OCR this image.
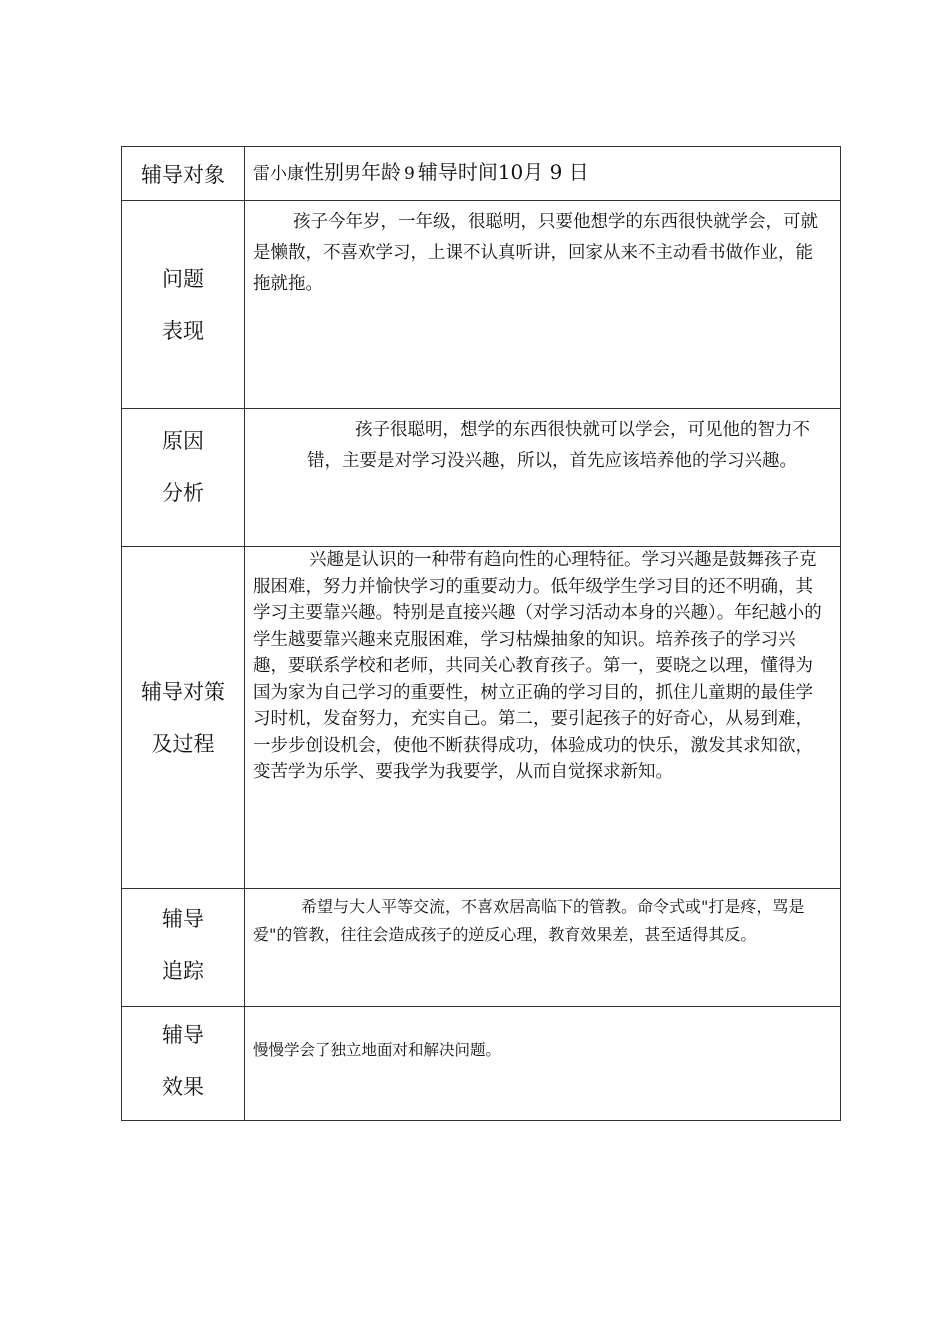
辅导对象	雷小康性别男年龄 9 辅导时间10月 9 日

问题
表现	孩子今年岁，一年级，很聪明，只要他想学的东西很快就学会，可就是懒散，不喜欢学习，上课不认真听讲，回家从来不主动看书做作业，能拖就拖。

原因
分析	孩子很聪明，想学的东西很快就可以学会，可见他的智力不错，主要是对学习没兴趣，所以，首先应该培养他的学习兴趣。

辅导对策
及过程	兴趣是认识的一种带有趋向性的心理特征。学习兴趣是鼓舞孩子克服困难，努力并愉快学习的重要动力。低年级学生学习目的还不明确，其学习主要靠兴趣。特别是直接兴趣（对学习活动本身的兴趣）。年纪越小的学生越要靠兴趣来克服困难，学习枯燥抽象的知识。培养孩子的学习兴趣，要联系学校和老师，共同关心教育孩子。第一，要晓之以理，懂得为国为家为自己学习的重要性，树立正确的学习目的，抓住儿童期的最佳学习时机，发奋努力，充实自己。第二，要引起孩子的好奇心，从易到难，一步步创设机会，使他不断获得成功，体验成功的快乐，激发其求知欲，变苦学为乐学、要我学为我要学，从而自觉探求新知。

辅导
追踪	希望与大人平等交流，不喜欢居高临下的管教。命令式或"打是疼，骂是爱"的管教，往往会造成孩子的逆反心理，教育效果差，甚至适得其反。

辅导
效果	慢慢学会了独立地面对和解决问题。
